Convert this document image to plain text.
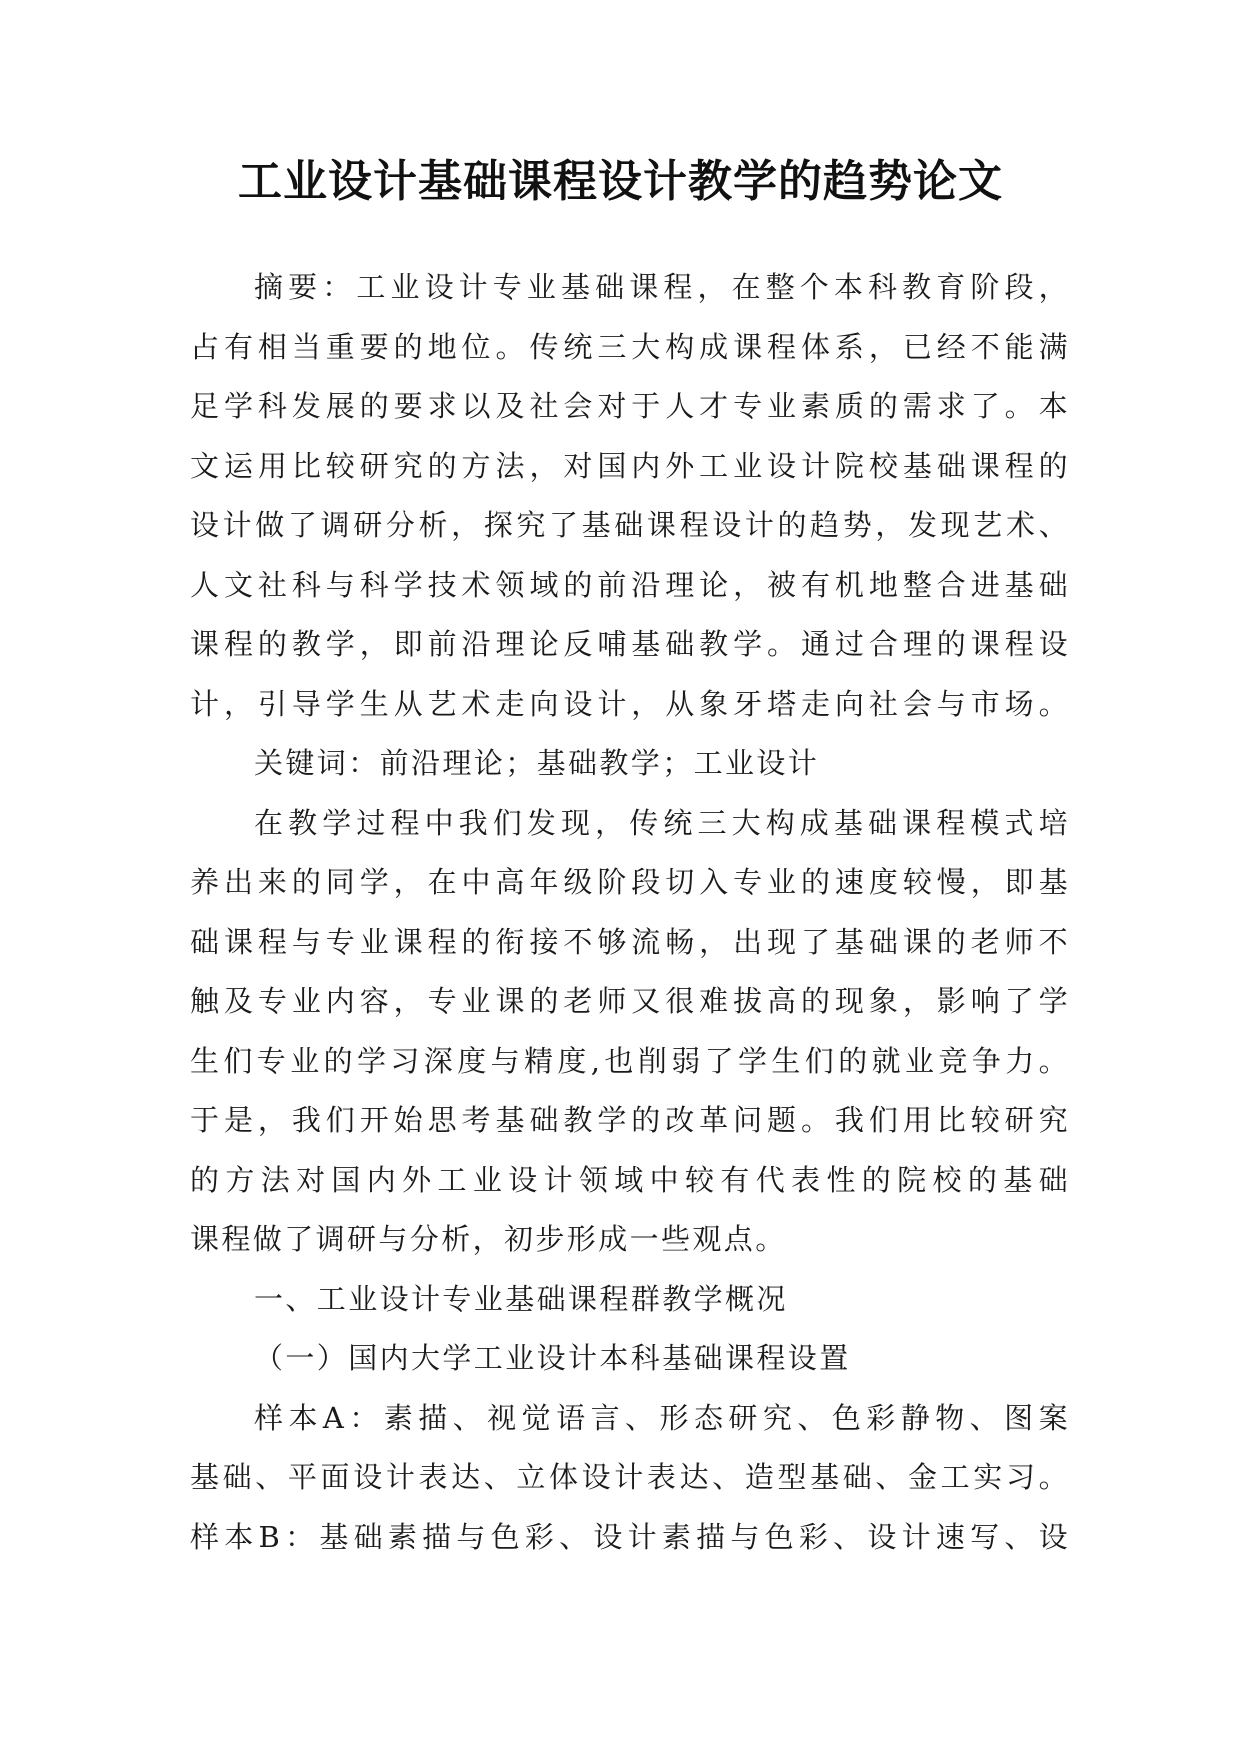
工业设计基础课程设计教学的趋势论文
摘要：工业设计专业基础课程，在整个本科教育阶段，
占有相当重要的地位。传统三大构成课程体系，已经不能满
足学科发展的要求以及社会对于人才专业素质的需求了。本
文运用比较研究的方法，对国内外工业设计院校基础课程的
设计做了调研分析，探究了基础课程设计的趋势，发现艺术、
人文社科与科学技术领域的前沿理论，被有机地整合进基础
课程的教学，即前沿理论反哺基础教学。通过合理的课程设
计，引导学生从艺术走向设计，从象牙塔走向社会与市场。
关键词：前沿理论；基础教学；工业设计
在教学过程中我们发现，传统三大构成基础课程模式培
养出来的同学，在中高年级阶段切入专业的速度较慢，即基
础课程与专业课程的衔接不够流畅，出现了基础课的老师不
触及专业内容，专业课的老师又很难拔高的现象，影响了学
生们专业的学习深度与精度,也削弱了学生们的就业竞争力。
于是，我们开始思考基础教学的改革问题。我们用比较研究
的方法对国内外工业设计领域中较有代表性的院校的基础
课程做了调研与分析，初步形成一些观点。
一、工业设计专业基础课程群教学概况
（一）国内大学工业设计本科基础课程设置
样本A：素描、视觉语言、形态研究、色彩静物、图案
基础、平面设计表达、立体设计表达、造型基础、金工实习。
样本B：基础素描与色彩、设计素描与色彩、设计速写、设
